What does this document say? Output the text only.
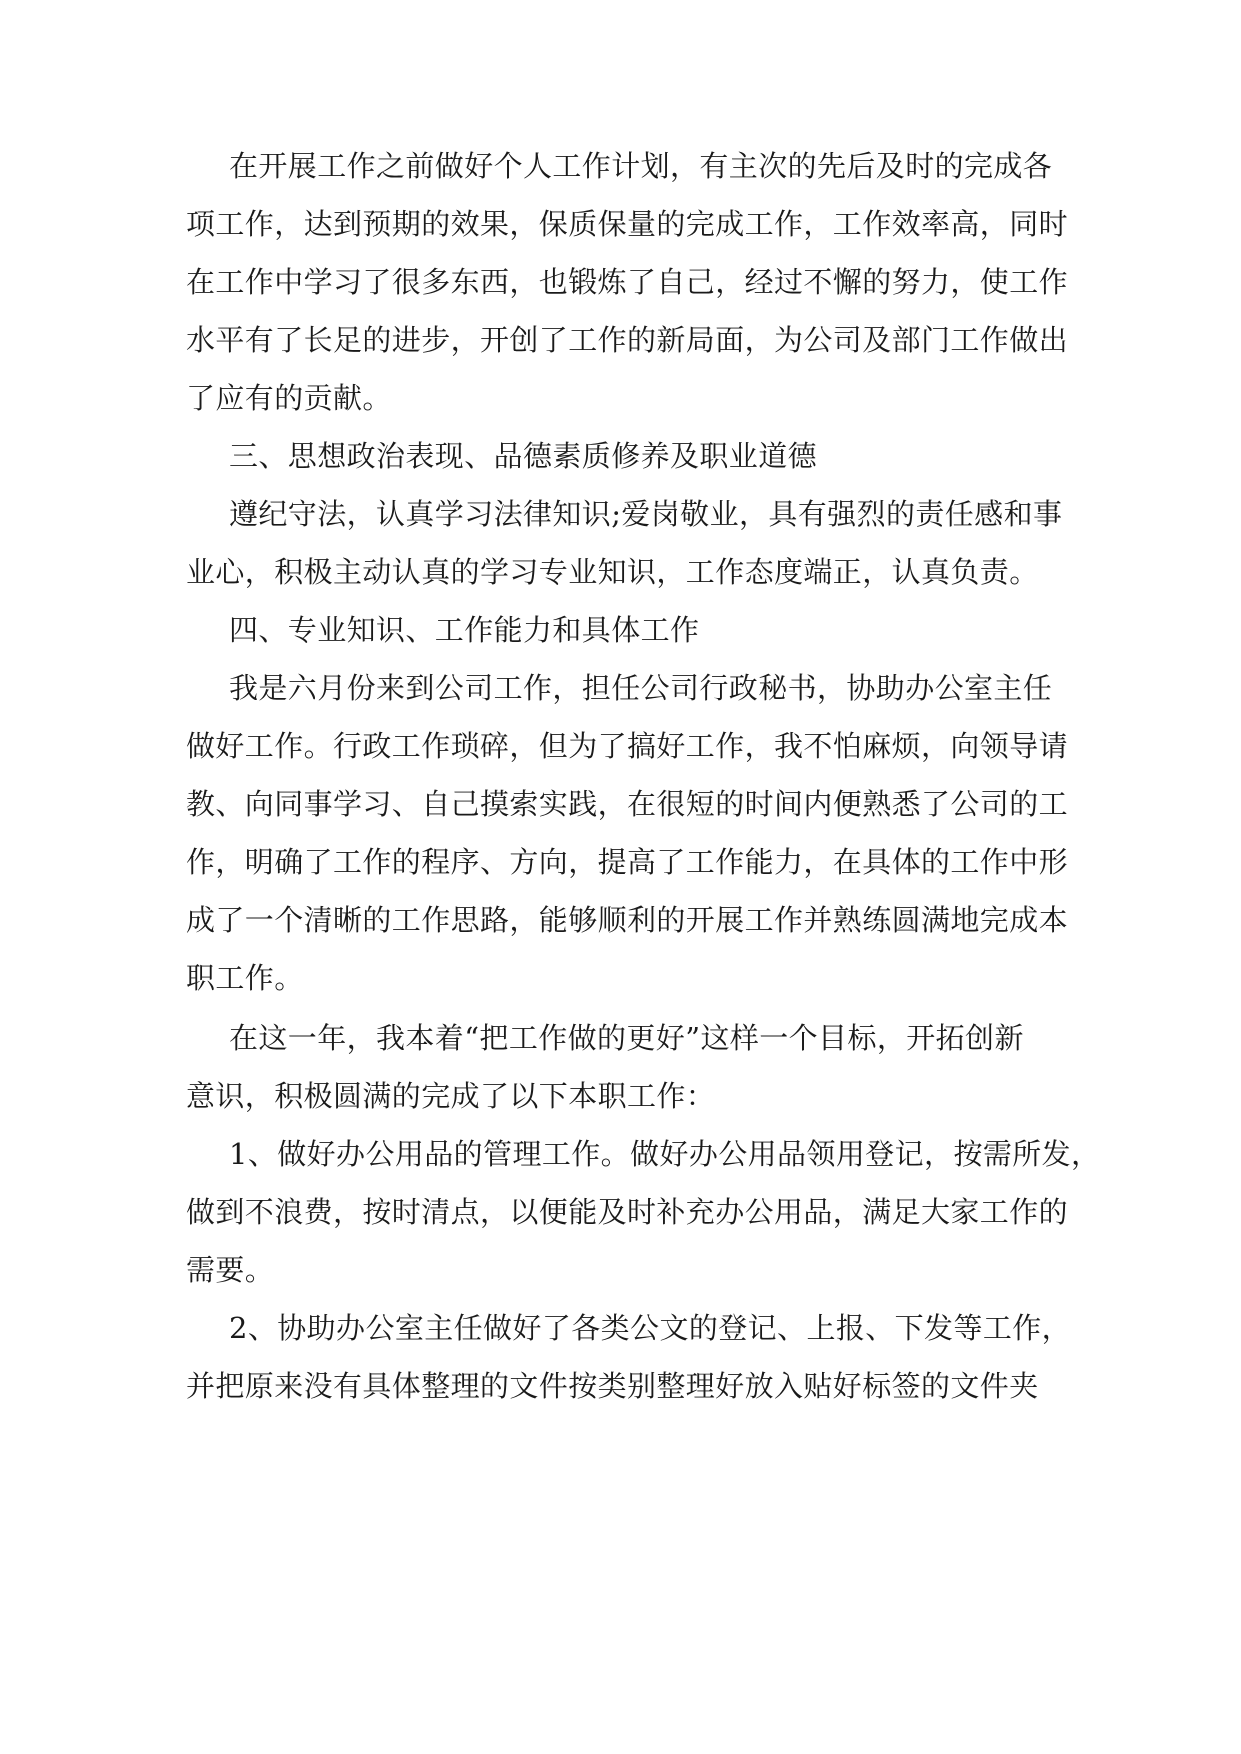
在开展工作之前做好个人工作计划，有主次的先后及时的完成各
项工作，达到预期的效果，保质保量的完成工作，工作效率高，同时
在工作中学习了很多东西，也锻炼了自己，经过不懈的努力，使工作
水平有了长足的进步，开创了工作的新局面，为公司及部门工作做出
了应有的贡献。
三、思想政治表现、品德素质修养及职业道德
遵纪守法，认真学习法律知识;爱岗敬业，具有强烈的责任感和事
业心，积极主动认真的学习专业知识，工作态度端正，认真负责。
四、专业知识、工作能力和具体工作
我是六月份来到公司工作，担任公司行政秘书，协助办公室主任
做好工作。行政工作琐碎，但为了搞好工作，我不怕麻烦，向领导请
教、向同事学习、自己摸索实践，在很短的时间内便熟悉了公司的工
作，明确了工作的程序、方向，提高了工作能力，在具体的工作中形
成了一个清晰的工作思路，能够顺利的开展工作并熟练圆满地完成本
职工作。
在这一年，我本着“把工作做的更好”这样一个目标，开拓创新
意识，积极圆满的完成了以下本职工作：
1、做好办公用品的管理工作。做好办公用品领用登记，按需所发，
做到不浪费，按时清点，以便能及时补充办公用品，满足大家工作的
需要。
2、协助办公室主任做好了各类公文的登记、上报、下发等工作，
并把原来没有具体整理的文件按类别整理好放入贴好标签的文件夹
